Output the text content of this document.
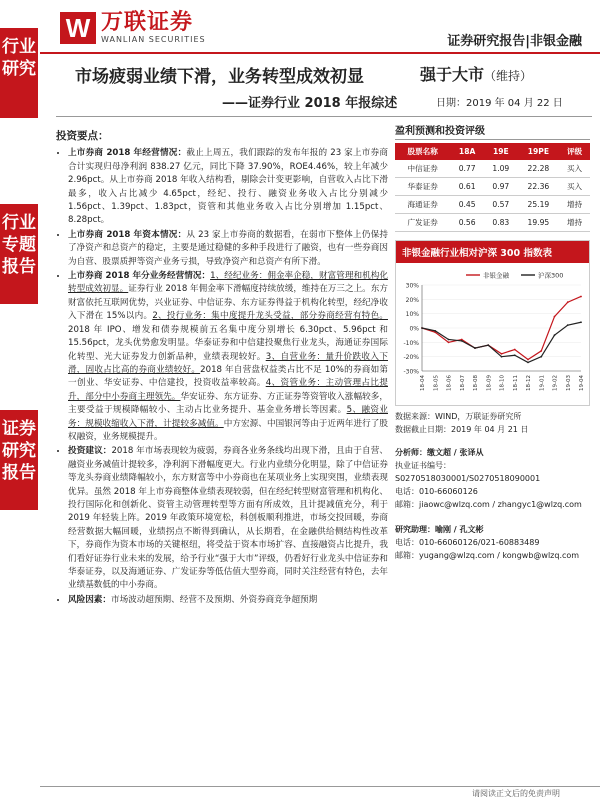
行业研究
行业专题报告
证券研究报告
W 万联证券
WANLIAN SECURITIES	证券研究报告|非银金融
市场疲弱业绩下滑，业务转型成效初显
——证券行业 2018 年报综述
强于大市（维持）
日期：2019 年 04 月 22 日
投资要点：
• 上市券商 2018 年经营情况：截止上周五，我们跟踪的发布年报的 23 家上市券商合计实现归母净利润 838.27 亿元，同比下降 37.90%，ROE4.46%，较上年减少 2.96pct。从上市券商 2018 年收入结构看，剔除会计变更影响，自营收入占比下滑最多，收入占比减少 4.65pct，经纪、投行、融资业务收入占比分别减少 1.56pct、1.39pct、1.83pct，资管和其他业务收入占比分别增加 1.15pct、8.28pct。
• 上市券商 2018 年资本情况：从 23 家上市券商的数据看，在弱市下整体上仍保持了净资产和总资产的稳定，主要是通过稳健的多种手段进行了融资，也有一些券商因为自营、股票质押等资产业务亏损，导致净资产和总资产有所下滑。
• 上市券商 2018 年分业务经营情况：1、经纪业务：佣金率企稳，财富管理和机构化转型成效初显。证券行业 2018 年佣金率下滑幅度持续放缓，维持在万三之上。东方财富依托互联网优势，兴业证券、中信证券、东方证券得益于机构化转型，经纪净收入下滑在 15%以内。2、投行业务：集中度提升龙头受益，部分券商经营有特色。2018 年 IPO、增发和债券规模前五名集中度分别增长 6.30pct、5.96pct 和 15.56pct，龙头优势愈发明显。华泰证券和中信建投聚焦行业龙头，海通证券国际化转型、光大证券发力创新品种，业绩表现较好。3、自营业务：量升价跌收入下滑，固收占比高的券商业绩较好。2018 年自营盘权益类占比不足 10%的券商如第一创业、华安证券、中信建投，投资收益率较高。4、资管业务：主动管理占比提升，部分中小券商主理领先。华安证券、东方证券、方正证券等资管收入涨幅较多，主要受益于规模降幅较小、主动占比业务提升、基金业务增长等因素。5、融资业务：规模收缩收入下滑，计提较多减值。中方宏源、中国银河等由于近两年进行了股权融资，业务规模提升。
• 投资建议：2018 年市场表现较为疲弱，券商各业务条线均出现下滑，且由于自营、融资业务减值计提较多，净利润下滑幅度更大。行业内业绩分化明显，除了中信证券等龙头券商业绩降幅较小，东方财富等中小券商也在某项业务上实现突围，业绩表现优异。虽然 2018 年上市券商整体业绩表现较弱，但在经纪转型财富管理和机构化、投行国际化和创新化、资管主动管理转型等方面有所成效，且计提减值充分，利于 2019 年轻装上阵。2019 年政策环境宽松，科创板顺利推进，市场交投回暖，券商经营数据大幅回暖，业绩拐点不断得到确认，从长期看，在金融供给侧结构性改革下，券商作为资本市场的关键枢纽，将受益于资本市场扩容、直接融资占比提升，我们看好证券行业未来的发展，给予行业“强于大市”评级，仍看好行业龙头中信证券和华泰证券，以及海通证券、广发证券等低估值大型券商，同时关注经营有特色，去年业绩基数低的中小券商。
• 风险因素：市场波动超预期、经营不及预期、外资券商竞争超预期
盈利预测和投资评级
股票名称	18A	19E	19PE	评级
中信证券	0.77	1.09	22.28	买入
华泰证券	0.61	0.97	22.36	买入
海通证券	0.45	0.57	25.19	增持
广发证券	0.56	0.83	19.95	增持
非银金融行业相对沪深 300 指数表
30%
20%
10%
0%
-10%
-20%
-30%
18-04 18-05 18-06 18-07 18-08 18-09 18-10 18-11 18-12 19-01 19-02 19-03 19-04
非银金融	沪深300
数据来源：WIND，万联证券研究所
数据截止日期：2019 年 04 月 21 日
分析师：缴文超 / 张译从
执业证书编号：S0270518030001/S0270518090001
电话：010-66060126
邮箱：jiaowc@wlzq.com / zhangyc1@wlzq.com
研究助理：喻刚 / 孔文彬
电话：010-66060126/021-60883489
邮箱：yugang@wlzq.com / kongwb@wlzq.com
请阅读正文后的免责声明
